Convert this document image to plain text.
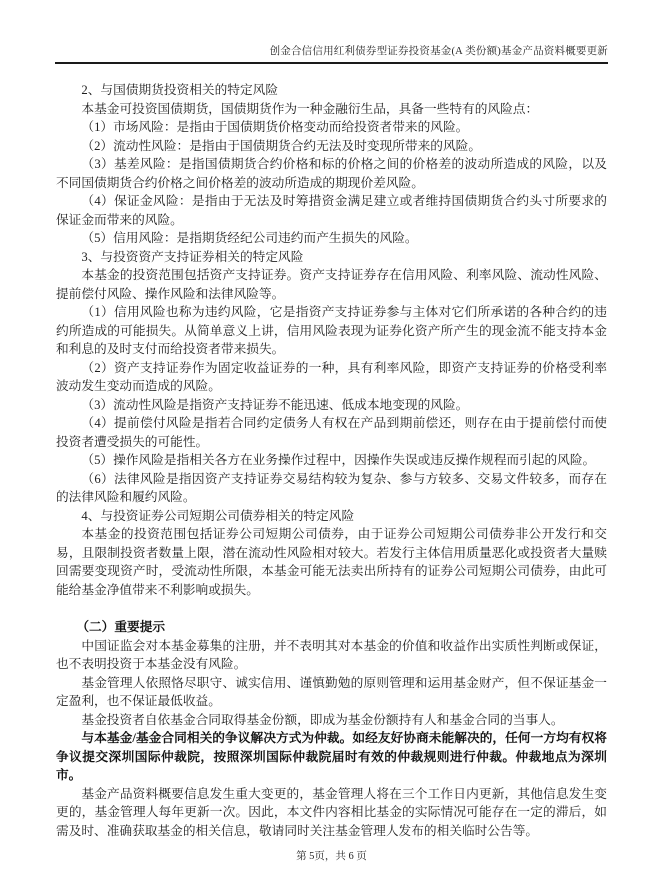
创金合信信用红利债券型证券投资基金(A 类份额)基金产品资料概要更新

2、与国债期货投资相关的特定风险

本基金可投资国债期货，国债期货作为一种金融衍生品，具备一些特有的风险点：

（1）市场风险：是指由于国债期货价格变动而给投资者带来的风险。

（2）流动性风险：是指由于国债期货合约无法及时变现所带来的风险。

（3）基差风险：是指国债期货合约价格和标的价格之间的价格差的波动所造成的风险，以及不同国债期货合约价格之间价格差的波动所造成的期现价差风险。

（4）保证金风险：是指由于无法及时筹措资金满足建立或者维持国债期货合约头寸所要求的保证金而带来的风险。

（5）信用风险：是指期货经纪公司违约而产生损失的风险。

3、与投资资产支持证券相关的特定风险

本基金的投资范围包括资产支持证券。资产支持证券存在信用风险、利率风险、流动性风险、提前偿付风险、操作风险和法律风险等。

（1）信用风险也称为违约风险，它是指资产支持证券参与主体对它们所承诺的各种合约的违约所造成的可能损失。从简单意义上讲，信用风险表现为证券化资产所产生的现金流不能支持本金和利息的及时支付而给投资者带来损失。

（2）资产支持证券作为固定收益证券的一种，具有利率风险，即资产支持证券的价格受利率波动发生变动而造成的风险。

（3）流动性风险是指资产支持证券不能迅速、低成本地变现的风险。

（4）提前偿付风险是指若合同约定债务人有权在产品到期前偿还，则存在由于提前偿付而使投资者遭受损失的可能性。

（5）操作风险是指相关各方在业务操作过程中，因操作失误或违反操作规程而引起的风险。

（6）法律风险是指因资产支持证券交易结构较为复杂、参与方较多、交易文件较多，而存在的法律风险和履约风险。

4、与投资证券公司短期公司债券相关的特定风险

本基金的投资范围包括证券公司短期公司债券，由于证券公司短期公司债券非公开发行和交易，且限制投资者数量上限，潜在流动性风险相对较大。若发行主体信用质量恶化或投资者大量赎回需要变现资产时，受流动性所限，本基金可能无法卖出所持有的证券公司短期公司债券，由此可能给基金净值带来不利影响或损失。

（二）重要提示

中国证监会对本基金募集的注册，并不表明其对本基金的价值和收益作出实质性判断或保证，也不表明投资于本基金没有风险。

基金管理人依照恪尽职守、诚实信用、谨慎勤勉的原则管理和运用基金财产，但不保证基金一定盈利，也不保证最低收益。

基金投资者自依基金合同取得基金份额，即成为基金份额持有人和基金合同的当事人。

与本基金/基金合同相关的争议解决方式为仲裁。如经友好协商未能解决的，任何一方均有权将争议提交深圳国际仲裁院，按照深圳国际仲裁院届时有效的仲裁规则进行仲裁。仲裁地点为深圳市。

基金产品资料概要信息发生重大变更的，基金管理人将在三个工作日内更新，其他信息发生变更的，基金管理人每年更新一次。因此，本文件内容相比基金的实际情况可能存在一定的滞后，如需及时、准确获取基金的相关信息，敬请同时关注基金管理人发布的相关临时公告等。

第 5页，共 6 页
